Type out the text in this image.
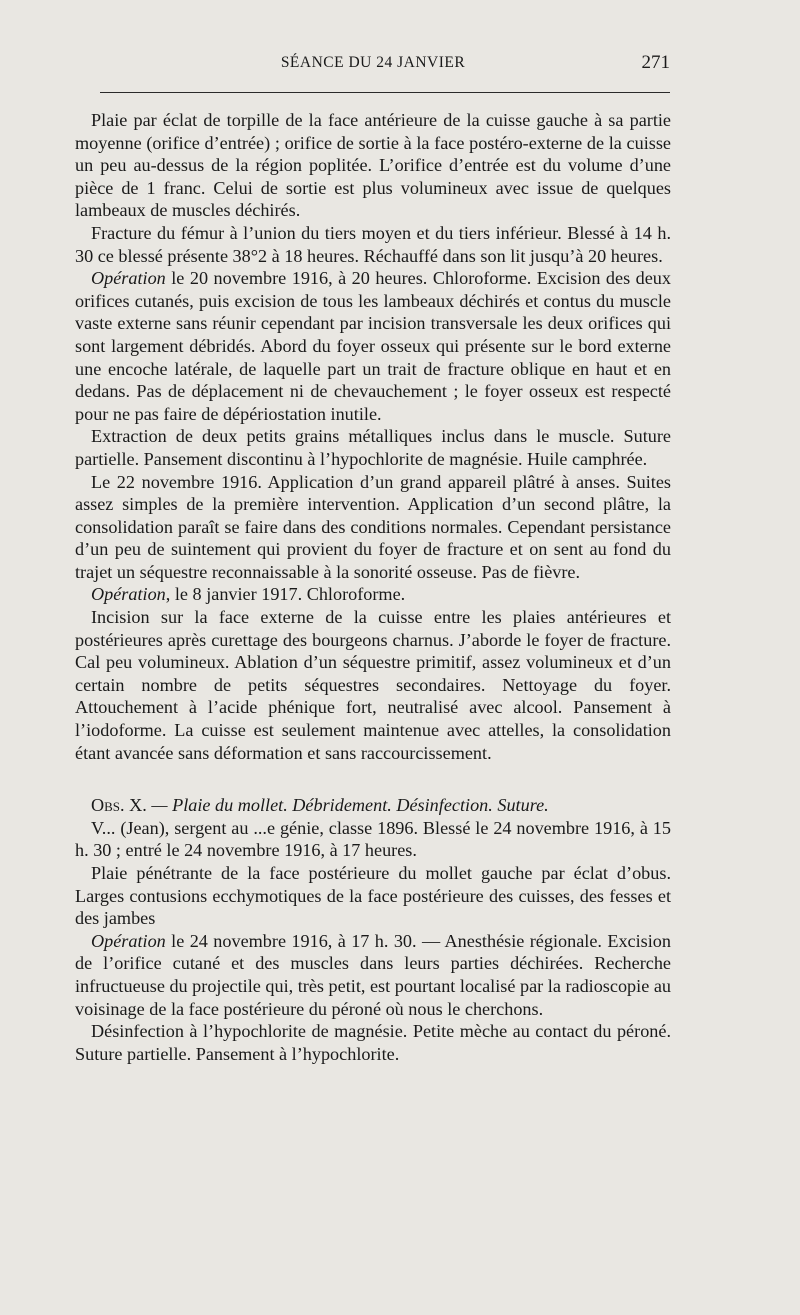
SÉANCE DU 24 JANVIER	271

Plaie par éclat de torpille de la face antérieure de la cuisse gauche à sa partie moyenne (orifice d’entrée) ; orifice de sortie à la face postéro-externe de la cuisse un peu au-dessus de la région poplitée. L’orifice d’entrée est du volume d’une pièce de 1 franc. Celui de sortie est plus volumineux avec issue de quelques lambeaux de muscles déchirés.

Fracture du fémur à l’union du tiers moyen et du tiers inférieur. Blessé à 14 h. 30 ce blessé présente 38°2 à 18 heures. Réchauffé dans son lit jusqu’à 20 heures.

Opération le 20 novembre 1916, à 20 heures. Chloroforme. Excision des deux orifices cutanés, puis excision de tous les lambeaux déchirés et contus du muscle vaste externe sans réunir cependant par incision transversale les deux orifices qui sont largement débridés. Abord du foyer osseux qui présente sur le bord externe une encoche latérale, de laquelle part un trait de fracture oblique en haut et en dedans. Pas de déplacement ni de chevauchement ; le foyer osseux est respecté pour ne pas faire de dépériostation inutile.

Extraction de deux petits grains métalliques inclus dans le muscle. Suture partielle. Pansement discontinu à l’hypochlorite de magnésie. Huile camphrée.

Le 22 novembre 1916. Application d’un grand appareil plâtré à anses. Suites assez simples de la première intervention. Application d’un second plâtre, la consolidation paraît se faire dans des conditions normales. Cependant persistance d’un peu de suintement qui provient du foyer de fracture et on sent au fond du trajet un séquestre reconnaissable à la sonorité osseuse. Pas de fièvre.

Opération, le 8 janvier 1917. Chloroforme.

Incision sur la face externe de la cuisse entre les plaies antérieures et postérieures après curettage des bourgeons charnus. J’aborde le foyer de fracture. Cal peu volumineux. Ablation d’un séquestre primitif, assez volumineux et d’un certain nombre de petits séquestres secondaires. Nettoyage du foyer. Attouchement à l’acide phénique fort, neutralisé avec alcool. Pansement à l’iodoforme. La cuisse est seulement maintenue avec attelles, la consolidation étant avancée sans déformation et sans raccourcissement.

Obs. X. — Plaie du mollet. Débridement. Désinfection. Suture.

V... (Jean), sergent au ...e génie, classe 1896. Blessé le 24 novembre 1916, à 15 h. 30 ; entré le 24 novembre 1916, à 17 heures.

Plaie pénétrante de la face postérieure du mollet gauche par éclat d’obus. Larges contusions ecchymotiques de la face postérieure des cuisses, des fesses et des jambes

Opération le 24 novembre 1916, à 17 h. 30. — Anesthésie régionale. Excision de l’orifice cutané et des muscles dans leurs parties déchirées. Recherche infructueuse du projectile qui, très petit, est pourtant localisé par la radioscopie au voisinage de la face postérieure du péroné où nous le cherchons.

Désinfection à l’hypochlorite de magnésie. Petite mèche au contact du péroné. Suture partielle. Pansement à l’hypochlorite.
